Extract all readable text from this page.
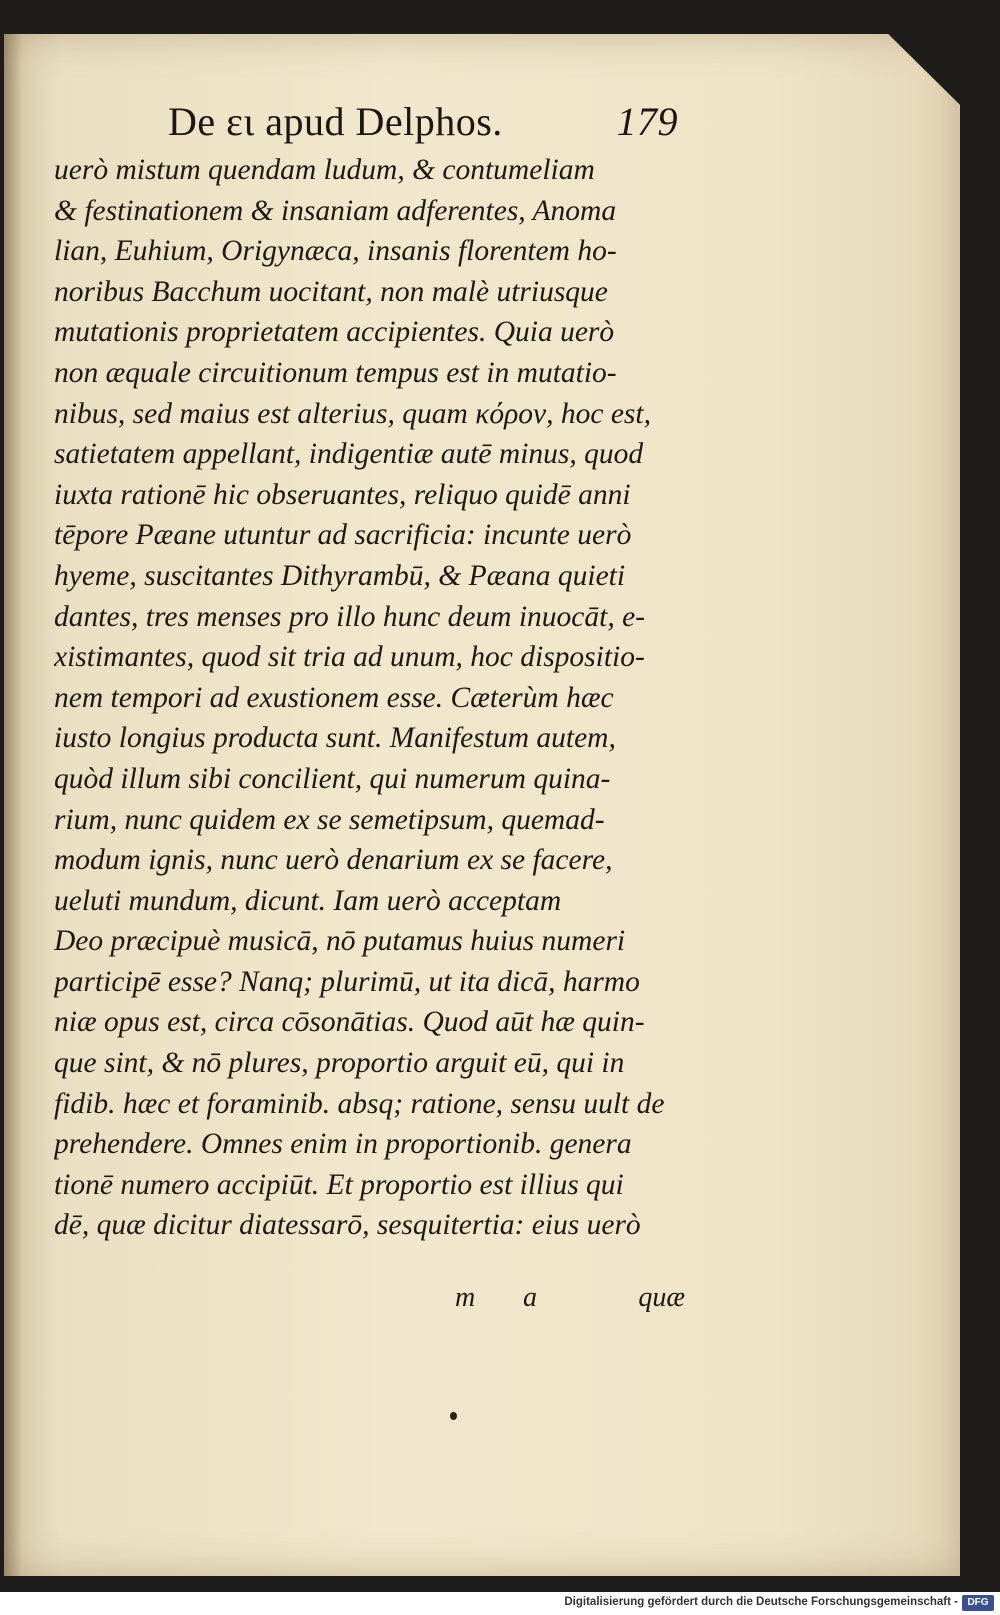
De ει apud Delphos.	179
uerò mistum quendam ludum, & contumeliam
& festinationem & insaniam adferentes, Anoma
lian, Euhium, Origynæca, insanis florentem ho-
noribus Bacchum uocitant, non malè utriusque
mutationis proprietatem accipientes. Quia uerò
non æquale circuitionum tempus est in mutatio-
nibus, sed maius est alterius, quam κόρον, hoc est,
satietatem appellant, indigentiæ autē minus, quod
iuxta rationē hic obseruantes, reliquo quidē anni
tēpore Pæane utuntur ad sacrificia: incunte uerò
hyeme, suscitantes Dithyrambū, & Pæana quieti
dantes, tres menses pro illo hunc deum inuocāt, e-
xistimantes, quod sit tria ad unum, hoc dispositio-
nem tempori ad exustionem esse. Cæterùm hæc
iusto longius producta sunt. Manifestum autem,
quòd illum sibi concilient, qui numerum quina-
rium, nunc quidem ex se semetipsum, quemad-
modum ignis, nunc uerò denarium ex se facere,
ueluti mundum, dicunt. Iam uerò acceptam
Deo præcipuè musicā, nō putamus huius numeri
participē esse? Nanq; plurimū, ut ita dicā, harmo
niæ opus est, circa cōsonātias. Quod aūt hæ quin-
que sint, & nō plures, proportio arguit eū, qui in
fidib. hæc et foraminib. absq; ratione, sensu uult de
prehendere. Omnes enim in proportionib. genera
tionē numero accipiūt. Et proportio est illius qui
dē, quæ dicitur diatessarō, sesquitertia: eius uerò
m a	quæ
Digitalisierung gefördert durch die Deutsche Forschungsgemeinschaft - DFG
